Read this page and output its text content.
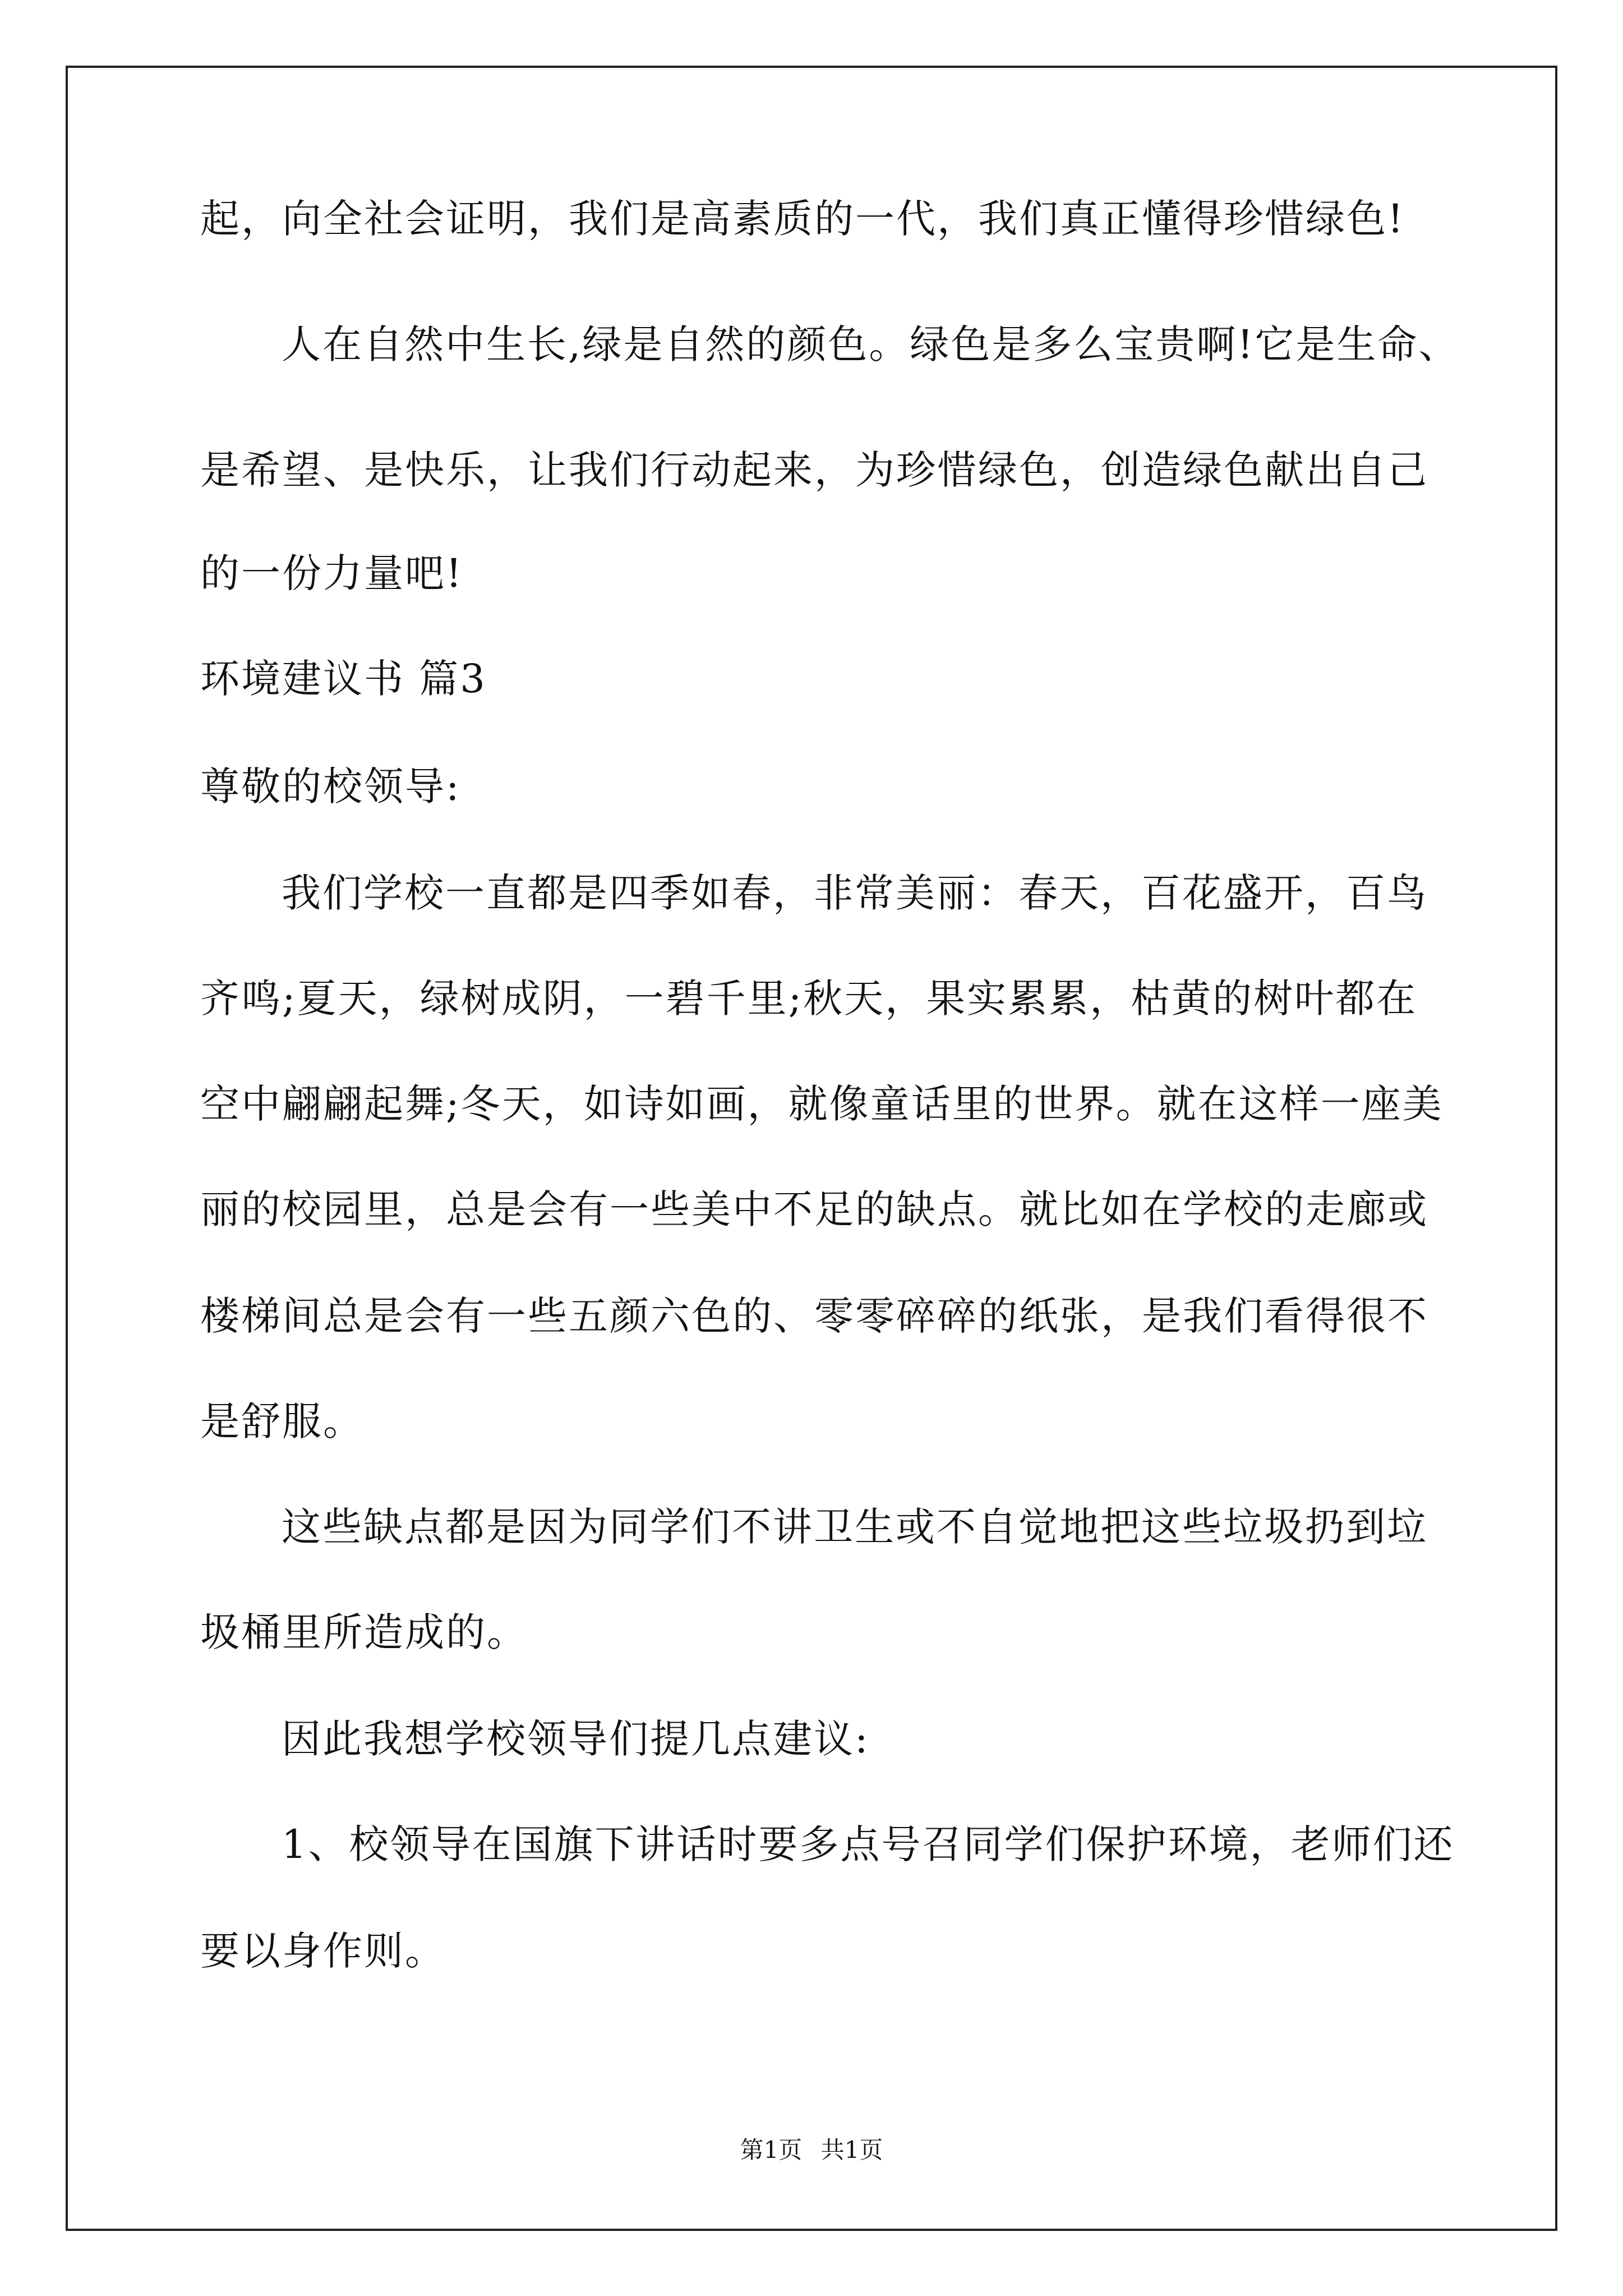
起，向全社会证明，我们是高素质的一代，我们真正懂得珍惜绿色!
人在自然中生长,绿是自然的颜色。绿色是多么宝贵啊!它是生命、
是希望、是快乐，让我们行动起来，为珍惜绿色，创造绿色献出自己
的一份力量吧!
环境建议书 篇3
尊敬的校领导:
我们学校一直都是四季如春，非常美丽：春天，百花盛开，百鸟
齐鸣;夏天，绿树成阴，一碧千里;秋天，果实累累，枯黄的树叶都在
空中翩翩起舞;冬天，如诗如画，就像童话里的世界。就在这样一座美
丽的校园里，总是会有一些美中不足的缺点。就比如在学校的走廊或
楼梯间总是会有一些五颜六色的、零零碎碎的纸张，是我们看得很不
是舒服。
这些缺点都是因为同学们不讲卫生或不自觉地把这些垃圾扔到垃
圾桶里所造成的。
因此我想学校领导们提几点建议:
1、校领导在国旗下讲话时要多点号召同学们保护环境，老师们还
要以身作则。
第1页 共1页
